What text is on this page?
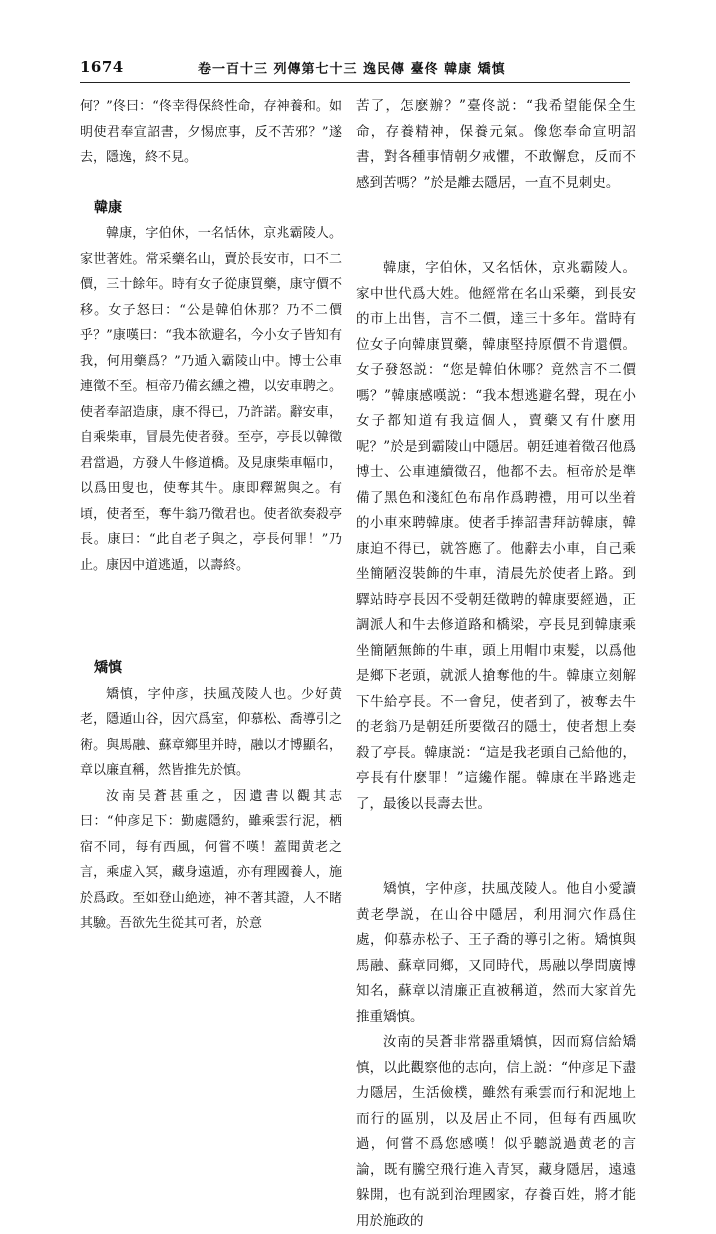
1674	卷一百十三 列傳第七十三 逸民傳 臺佟 韓康 矯慎

何？”佟曰：“佟幸得保終性命，存神養和。如明使君奉宣詔書，夕惕庶事，反不苦邪？”遂去，隱逸，終不見。

韓康

韓康，字伯休，一名恬休，京兆霸陵人。家世著姓。常采藥名山，賣於長安市，口不二價，三十餘年。時有女子從康買藥，康守價不移。女子怒曰：“公是韓伯休那？乃不二價乎？”康嘆曰：“我本欲避名，今小女子皆知有我，何用藥爲？”乃遁入霸陵山中。博士公車連徵不至。桓帝乃備玄纁之禮，以安車聘之。使者奉詔造康，康不得已，乃許諾。辭安車，自乘柴車，冒晨先使者發。至亭，亭長以韓徵君當過，方發人牛修道橋。及見康柴車幅巾，以爲田叟也，使奪其牛。康即釋駕與之。有頃，使者至，奪牛翁乃徵君也。使者欲奏殺亭長。康曰：“此自老子與之，亭長何罪！”乃止。康因中道逃遁，以壽終。

矯慎

矯慎，字仲彦，扶風茂陵人也。少好黄老，隱遁山谷，因穴爲室，仰慕松、喬導引之術。與馬融、蘇章鄉里并時，融以才博顯名，章以廉直稱，然皆推先於慎。

汝南吴蒼甚重之，因遺書以觀其志曰：“仲彦足下：勤處隱約，雖乘雲行泥，栖宿不同，每有西風，何嘗不嘆！蓋聞黄老之言，乘虚入冥，藏身遠遁，亦有理國養人，施於爲政。至如登山絶迹，神不著其證，人不睹其驗。吾欲先生從其可者，於意

苦了，怎麽辦？”臺佟説：“我希望能保全生命，存養精神，保養元氣。像您奉命宣明詔書，對各種事情朝夕戒懼，不敢懈怠，反而不感到苦嗎？”於是離去隱居，一直不見刺史。

韓康，字伯休，又名恬休，京兆霸陵人。家中世代爲大姓。他經常在名山采藥，到長安的市上出售，言不二價，達三十多年。當時有位女子向韓康買藥，韓康堅持原價不肯還價。女子發怒説：“您是韓伯休哪？竟然言不二價嗎？”韓康感嘆説：“我本想逃避名聲，現在小女子都知道有我這個人，賣藥又有什麽用呢？”於是到霸陵山中隱居。朝廷連着徵召他爲博士、公車連續徵召，他都不去。桓帝於是準備了黑色和淺紅色布帛作爲聘禮，用可以坐着的小車來聘韓康。使者手捧詔書拜訪韓康，韓康迫不得已，就答應了。他辭去小車，自己乘坐簡陋沒裝飾的牛車，清晨先於使者上路。到驛站時亭長因不受朝廷徵聘的韓康要經過，正調派人和牛去修道路和橋梁，亭長見到韓康乘坐簡陋無飾的牛車，頭上用帽巾束髮，以爲他是鄉下老頭，就派人搶奪他的牛。韓康立刻解下牛給亭長。不一會兒，使者到了，被奪去牛的老翁乃是朝廷所要徵召的隱士，使者想上奏殺了亭長。韓康説：“這是我老頭自己給他的，亭長有什麽罪！”這纔作罷。韓康在半路逃走了，最後以長壽去世。

矯慎，字仲彦，扶風茂陵人。他自小愛讀黄老學説，在山谷中隱居，利用洞穴作爲住處，仰慕赤松子、王子喬的導引之術。矯慎與馬融、蘇章同鄉，又同時代，馬融以學問廣博知名，蘇章以清廉正直被稱道，然而大家首先推重矯慎。

汝南的吴蒼非常器重矯慎，因而寫信給矯慎，以此觀察他的志向，信上説：“仲彦足下盡力隱居，生活儉樸，雖然有乘雲而行和泥地上而行的區別，以及居止不同，但每有西風吹過，何嘗不爲您感嘆！似乎聽説過黄老的言論，既有騰空飛行進入青冥，藏身隱居，遠遠躲開，也有説到治理國家，存養百姓，將才能用於施政的
